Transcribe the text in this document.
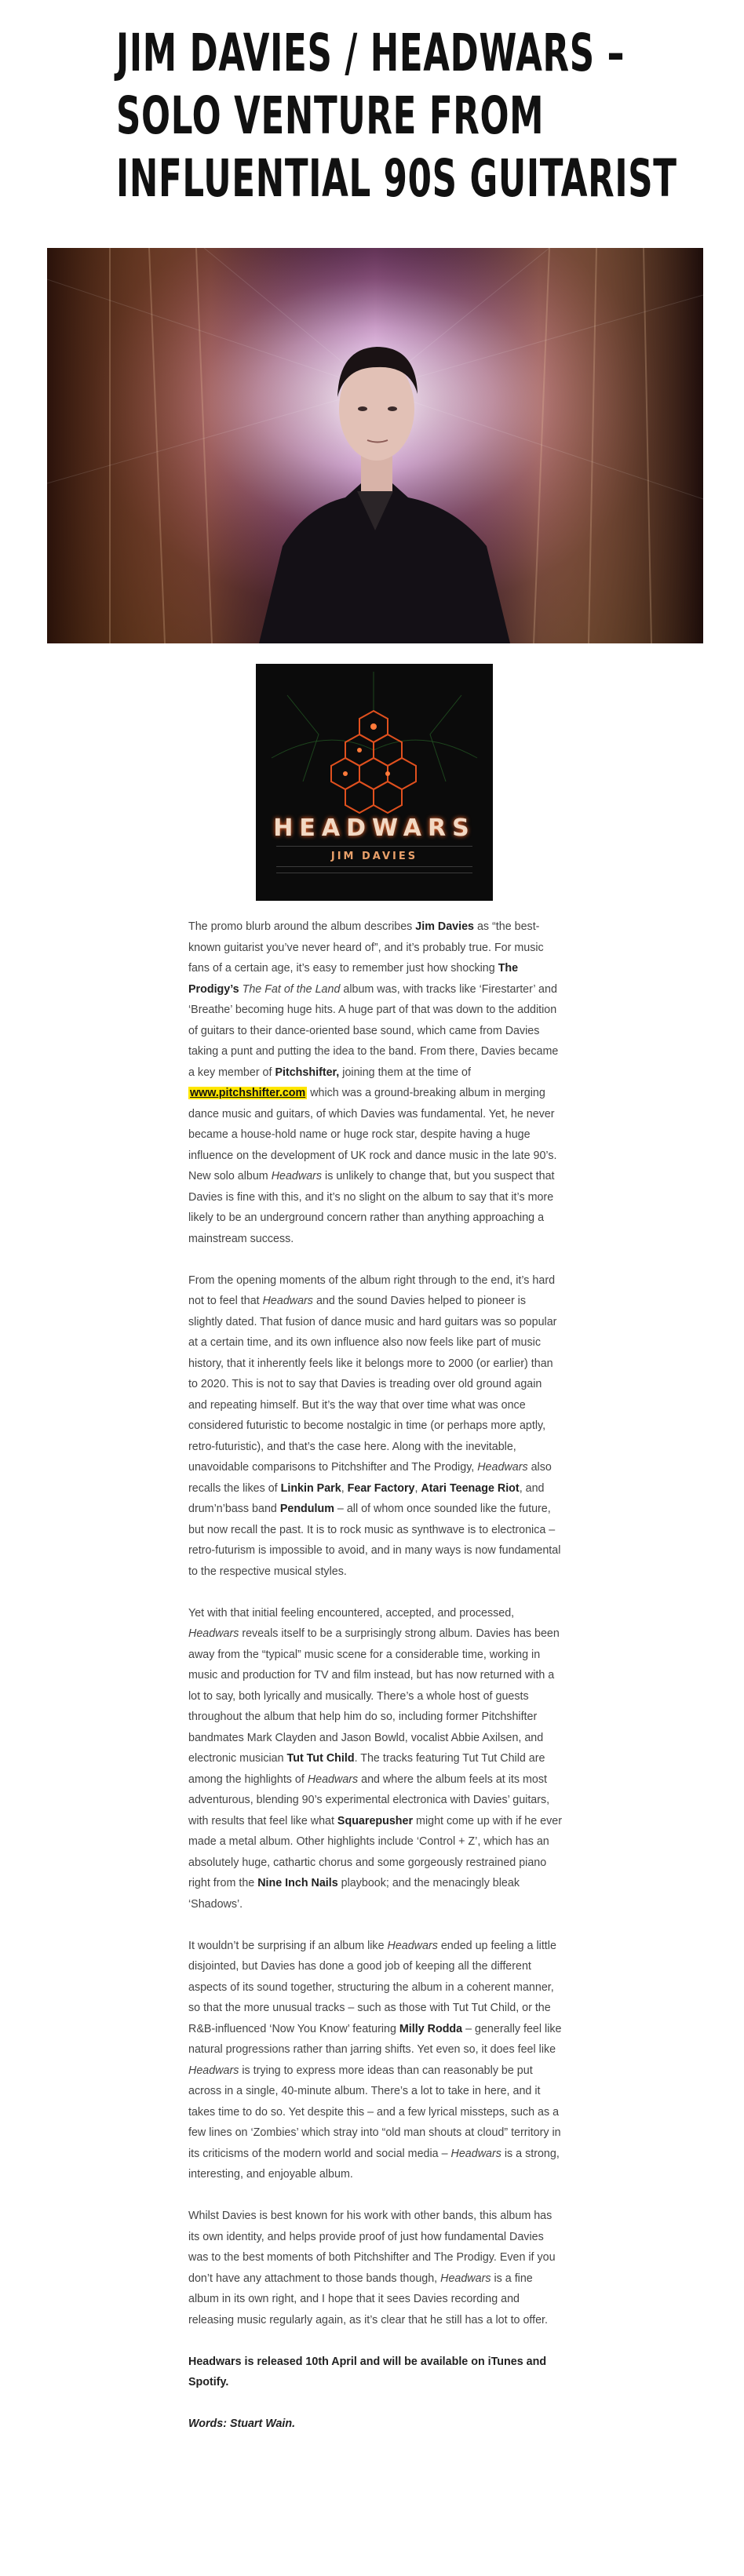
JIM DAVIES / HEADWARS –
SOLO VENTURE FROM
INFLUENTIAL 90S GUITARIST
HEADWARS
JIM DAVIES

The promo blurb around the album describes Jim Davies as “the best-known guitarist you’ve never heard of”, and it’s probably true. For music fans of a certain age, it’s easy to remember just how shocking The Prodigy’s The Fat of the Land album was, with tracks like ‘Firestarter’ and ‘Breathe’ becoming huge hits. A huge part of that was down to the addition of guitars to their dance-oriented base sound, which came from Davies taking a punt and putting the idea to the band. From there, Davies became a key member of Pitchshifter, joining them at the time of www.pitchshifter.com which was a ground-breaking album in merging dance music and guitars, of which Davies was fundamental. Yet, he never became a house-hold name or huge rock star, despite having a huge influence on the development of UK rock and dance music in the late 90’s. New solo album Headwars is unlikely to change that, but you suspect that Davies is fine with this, and it’s no slight on the album to say that it’s more likely to be an underground concern rather than anything approaching a mainstream success.

From the opening moments of the album right through to the end, it’s hard not to feel that Headwars and the sound Davies helped to pioneer is slightly dated. That fusion of dance music and hard guitars was so popular at a certain time, and its own influence also now feels like part of music history, that it inherently feels like it belongs more to 2000 (or earlier) than to 2020. This is not to say that Davies is treading over old ground again and repeating himself. But it’s the way that over time what was once considered futuristic to become nostalgic in time (or perhaps more aptly, retro-futuristic), and that’s the case here. Along with the inevitable, unavoidable comparisons to Pitchshifter and The Prodigy, Headwars also recalls the likes of Linkin Park, Fear Factory, Atari Teenage Riot, and drum’n’bass band Pendulum – all of whom once sounded like the future, but now recall the past. It is to rock music as synthwave is to electronica – retro-futurism is impossible to avoid, and in many ways is now fundamental to the respective musical styles.

Yet with that initial feeling encountered, accepted, and processed, Headwars reveals itself to be a surprisingly strong album. Davies has been away from the “typical” music scene for a considerable time, working in music and production for TV and film instead, but has now returned with a lot to say, both lyrically and musically. There’s a whole host of guests throughout the album that help him do so, including former Pitchshifter bandmates Mark Clayden and Jason Bowld, vocalist Abbie Axilsen, and electronic musician Tut Tut Child. The tracks featuring Tut Tut Child are among the highlights of Headwars and where the album feels at its most adventurous, blending 90’s experimental electronica with Davies’ guitars, with results that feel like what Squarepusher might come up with if he ever made a metal album. Other highlights include ‘Control + Z’, which has an absolutely huge, cathartic chorus and some gorgeously restrained piano right from the Nine Inch Nails playbook; and the menacingly bleak ‘Shadows’.

It wouldn’t be surprising if an album like Headwars ended up feeling a little disjointed, but Davies has done a good job of keeping all the different aspects of its sound together, structuring the album in a coherent manner, so that the more unusual tracks – such as those with Tut Tut Child, or the R&B-influenced ‘Now You Know’ featuring Milly Rodda – generally feel like natural progressions rather than jarring shifts. Yet even so, it does feel like Headwars is trying to express more ideas than can reasonably be put across in a single, 40-minute album. There’s a lot to take in here, and it takes time to do so. Yet despite this – and a few lyrical missteps, such as a few lines on ‘Zombies’ which stray into “old man shouts at cloud” territory in its criticisms of the modern world and social media – Headwars is a strong, interesting, and enjoyable album.

Whilst Davies is best known for his work with other bands, this album has its own identity, and helps provide proof of just how fundamental Davies was to the best moments of both Pitchshifter and The Prodigy. Even if you don’t have any attachment to those bands though, Headwars is a fine album in its own right, and I hope that it sees Davies recording and releasing music regularly again, as it’s clear that he still has a lot to offer.

Headwars is released 10th April and will be available on iTunes and Spotify.

Words: Stuart Wain.
